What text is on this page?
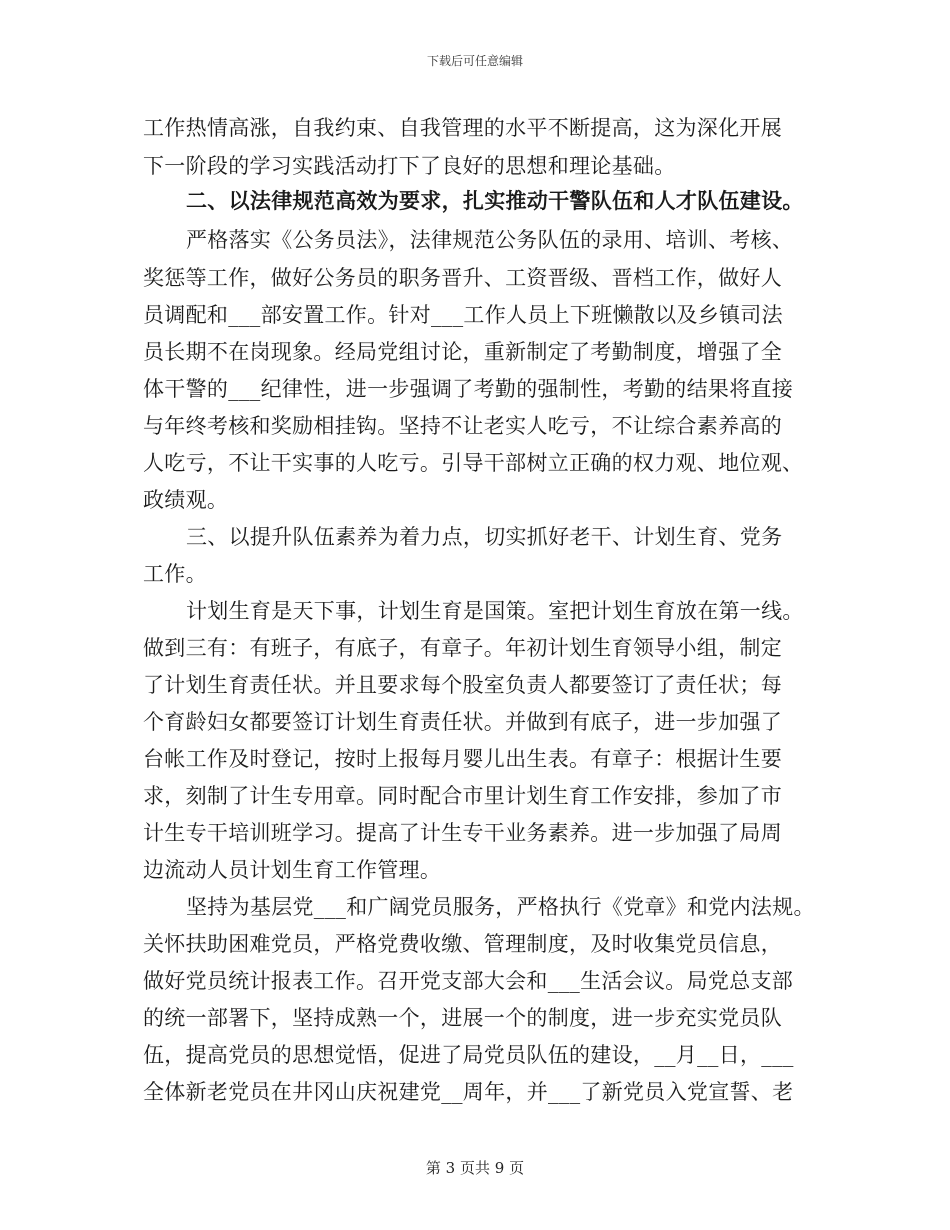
下载后可任意编辑
工作热情高涨，自我约束、自我管理的水平不断提高，这为深化开展
下一阶段的学习实践活动打下了良好的思想和理论基础。
二、以法律规范高效为要求，扎实推动干警队伍和人才队伍建设。
严格落实《公务员法》，法律规范公务队伍的录用、培训、考核、
奖惩等工作，做好公务员的职务晋升、工资晋级、晋档工作，做好人
员调配和___部安置工作。针对___工作人员上下班懒散以及乡镇司法
员长期不在岗现象。经局党组讨论，重新制定了考勤制度，增强了全
体干警的___纪律性，进一步强调了考勤的强制性，考勤的结果将直接
与年终考核和奖励相挂钩。坚持不让老实人吃亏，不让综合素养高的
人吃亏，不让干实事的人吃亏。引导干部树立正确的权力观、地位观、
政绩观。
三、以提升队伍素养为着力点，切实抓好老干、计划生育、党务
工作。
计划生育是天下事，计划生育是国策。室把计划生育放在第一线。
做到三有：有班子，有底子，有章子。年初计划生育领导小组，制定
了计划生育责任状。并且要求每个股室负责人都要签订了责任状；每
个育龄妇女都要签订计划生育责任状。并做到有底子，进一步加强了
台帐工作及时登记，按时上报每月婴儿出生表。有章子：根据计生要
求，刻制了计生专用章。同时配合市里计划生育工作安排，参加了市
计生专干培训班学习。提高了计生专干业务素养。进一步加强了局周
边流动人员计划生育工作管理。
坚持为基层党___和广阔党员服务，严格执行《党章》和党内法规。
关怀扶助困难党员，严格党费收缴、管理制度，及时收集党员信息，
做好党员统计报表工作。召开党支部大会和___生活会议。局党总支部
的统一部署下，坚持成熟一个，进展一个的制度，进一步充实党员队
伍，提高党员的思想觉悟，促进了局党员队伍的建设，__月__日，___
全体新老党员在井冈山庆祝建党__周年，并___了新党员入党宣誓、老
第 3 页共 9 页
